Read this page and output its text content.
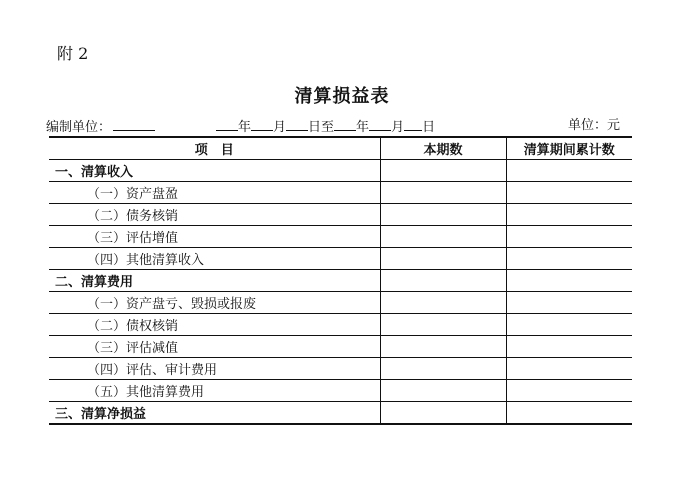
附 2
清算损益表
编制单位：	年 月 日至 年 月 日	单位：元
项　目	本期数	清算期间累计数
一、清算收入		
（一）资产盘盈		
（二）债务核销		
（三）评估增值		
（四）其他清算收入		
二、清算费用		
（一）资产盘亏、毁损或报废		
（二）债权核销		
（三）评估减值		
（四）评估、审计费用		
（五）其他清算费用		
三、清算净损益		
